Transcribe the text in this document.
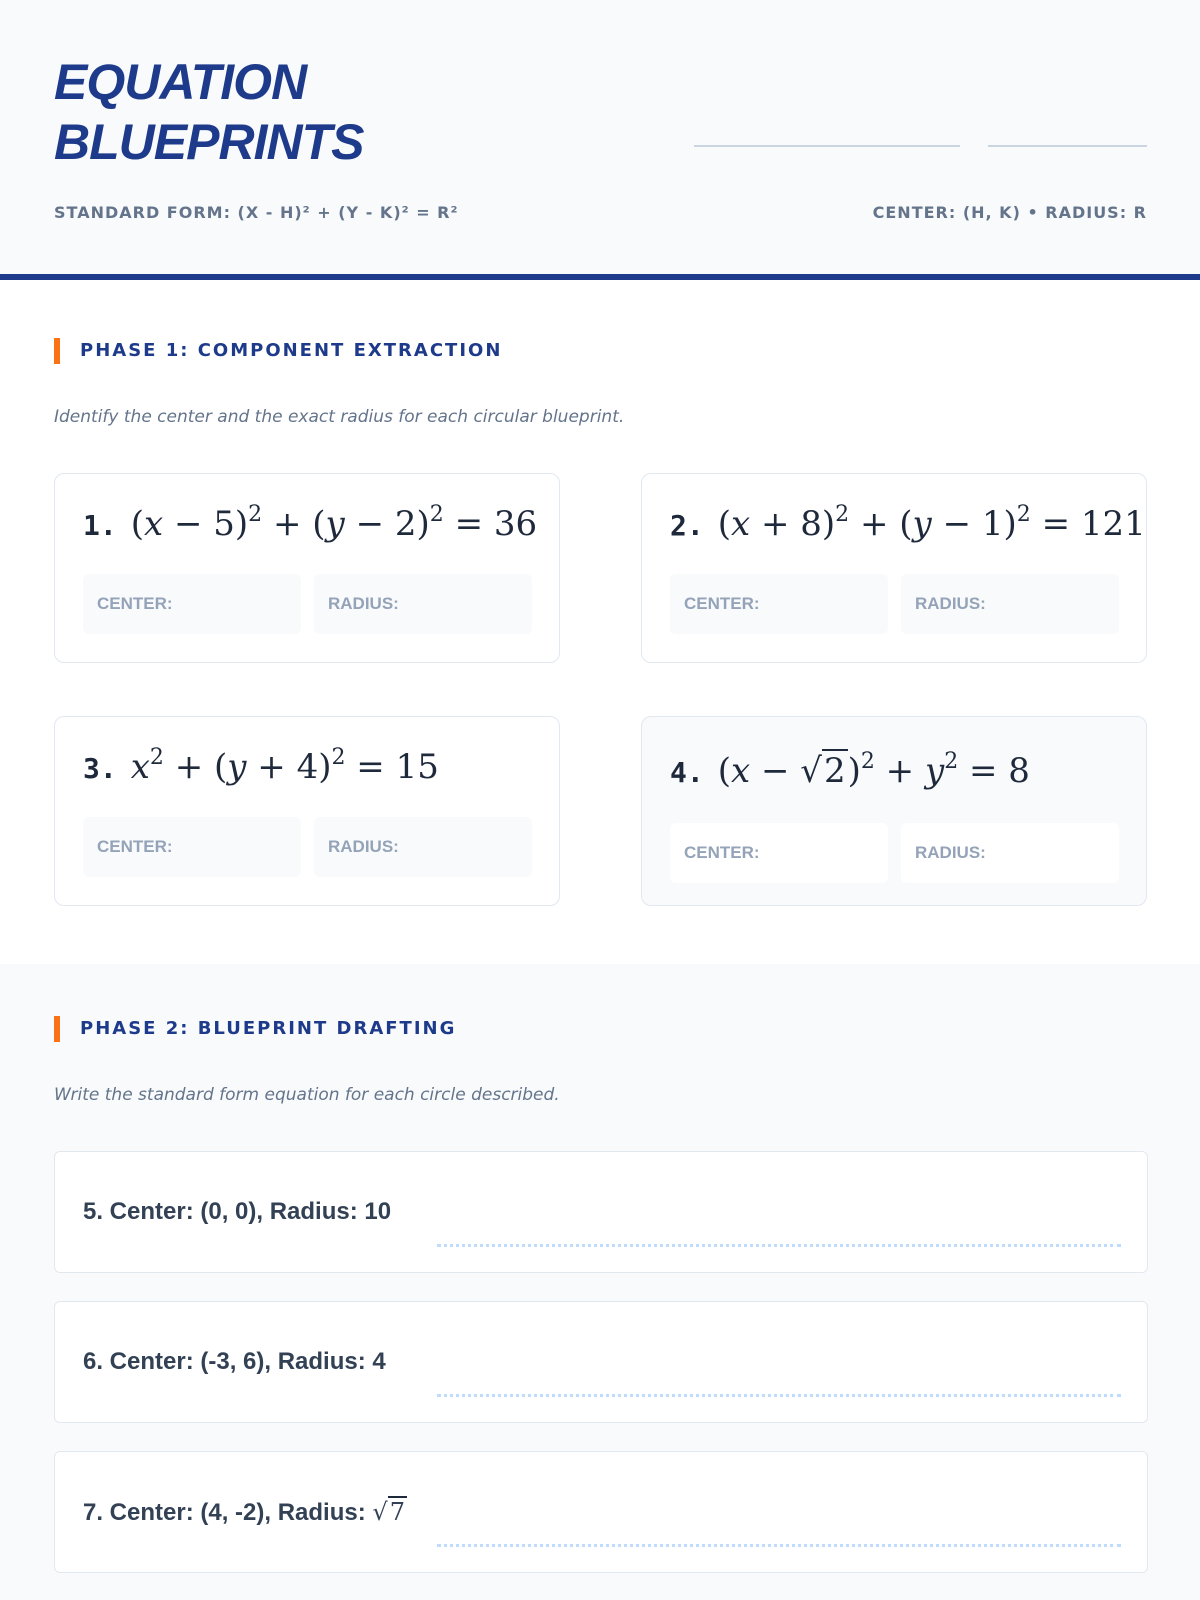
EQUATION
BLUEPRINTS
STANDARD FORM: (X - H)² + (Y - K)² = R²	CENTER: (H, K) • RADIUS: R
PHASE 1: COMPONENT EXTRACTION
Identify the center and the exact radius for each circular blueprint.
1. $(x - 5)^2 + (y - 2)^2 = 36$
CENTER:	RADIUS:
2. $(x + 8)^2 + (y - 1)^2 = 121$
CENTER:	RADIUS:
3. $x^2 + (y + 4)^2 = 15$
CENTER:	RADIUS:
4. $(x - √2)^2 + y^2 = 8$
CENTER:	RADIUS:
PHASE 2: BLUEPRINT DRAFTING
Write the standard form equation for each circle described.
5. Center: (0, 0), Radius: 10
6. Center: (-3, 6), Radius: 4
7. Center: (4, -2), Radius: √7
